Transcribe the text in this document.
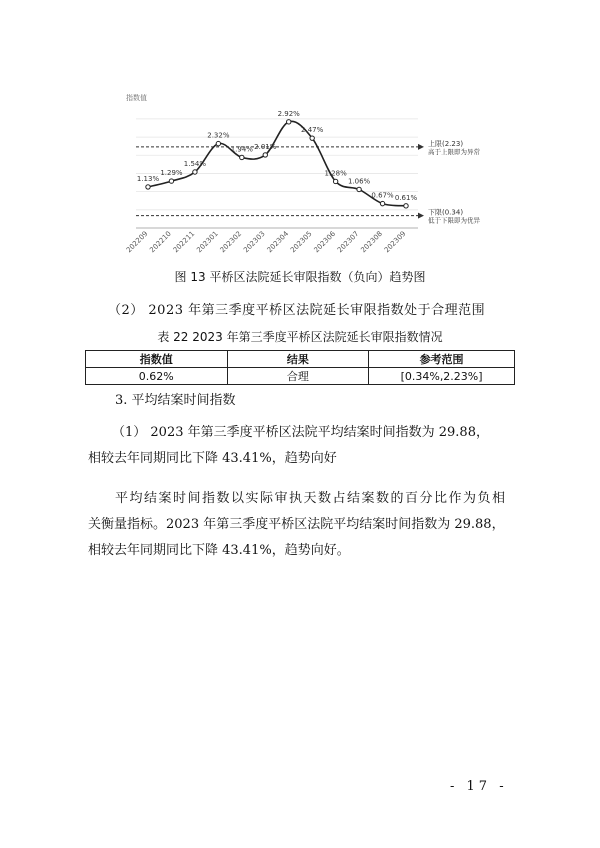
上限(2.23)
高于上限即为异常
下限(0.34)
低于下限即为优异
1.13%
1.29%
1.54%
2.32%
1.94% 2.01%
2.92%
2.47%
1.28%
1.06%
0.67% 0.61%
202209
202210
202211
202301
202302
202303
202304
202305
202306
202307
202308
202309
指数值
图 13 平桥区法院延长审限指数（负向）趋势图
（2） 2023 年第三季度平桥区法院延长审限指数处于合理范围
表 22 2023 年第三季度平桥区法院延长审限指数情况
指数值	结果	参考范围
0.62%	合理	[0.34%,2.23%]
3. 平均结案时间指数
（1） 2023 年第三季度平桥区法院平均结案时间指数为 29.88，
相较去年同期同比下降 43.41%，趋势向好
平均结案时间指数以实际审执天数占结案数的百分比作为负相
关衡量指标。2023 年第三季度平桥区法院平均结案时间指数为 29.88，
相较去年同期同比下降 43.41%，趋势向好。
- 17 -
